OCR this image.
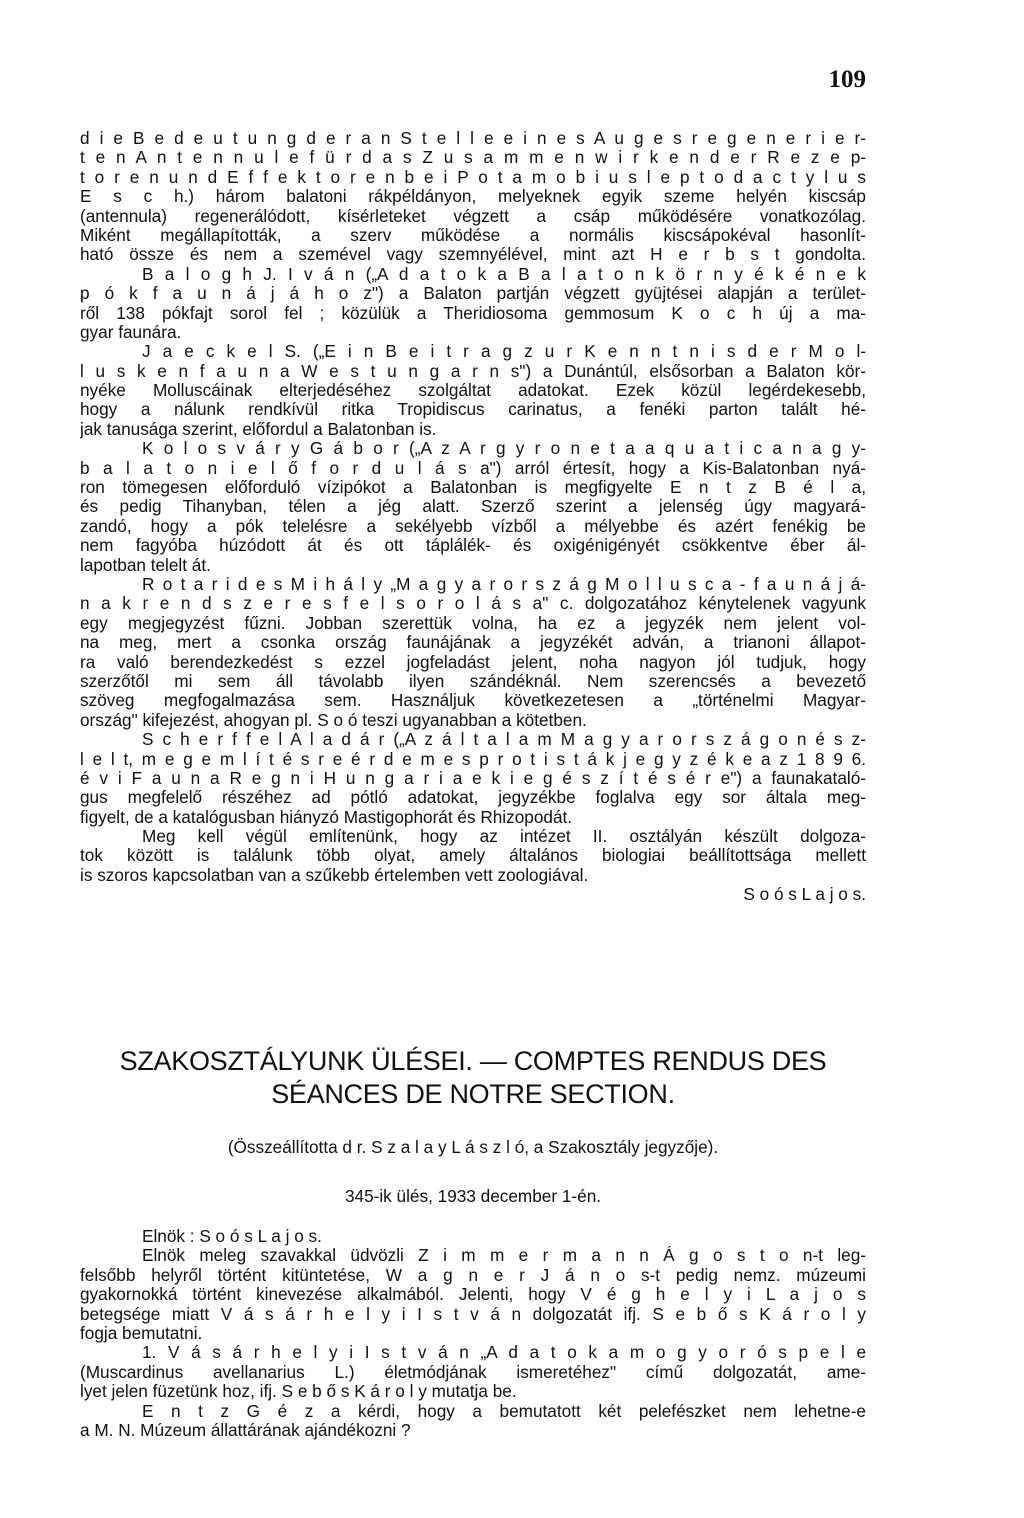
109
d i e B e d e u t u n g d e r a n S t e l l e e i n e s A u g e s r e g e n e r i e r-
t e n A n t e n n u l e f ü r d a s Z u s a m m e n w i r k e n d e r R e z e p-
t o r e n u n d E f f e k t o r e n b e i P o t a m o b i u s l e p t o d a c t y l u s
E s c h.) három balatoni rákpéldányon, melyeknek egyik szeme helyén kiscsáp
(antennula) regenerálódott, kísérleteket végzett a csáp működésére vonatkozólag.
Miként megállapították, a szerv működése a normális kiscsápokéval hasonlít-
ható össze és nem a szemével vagy szemnyélével, mint azt H e r b s t gondolta.
B a l o g h J. I v á n („A d a t o k a B a l a t o n k ö r n y é k é n e k
p ó k f a u n á j á h o z") a Balaton partján végzett gyüjtései alapján a terület-
ről 138 pókfajt sorol fel ; közülük a Theridiosoma gemmosum K o c h új a ma-
gyar faunára.
J a e c k e l S. („E i n B e i t r a g z u r K e n n t n i s d e r M o l-
l u s k e n f a u n a W e s t u n g a r n s") a Dunántúl, elsősorban a Balaton kör-
nyéke Molluscáinak elterjedéséhez szolgáltat adatokat. Ezek közül legérdekesebb,
hogy a nálunk rendkívül ritka Tropidiscus carinatus, a fenéki parton talált hé-
jak tanusága szerint, előfordul a Balatonban is.
K o l o s v á r y G á b o r („A z A r g y r o n e t a a q u a t i c a n a g y-
b a l a t o n i e l ő f o r d u l á s a") arról értesít, hogy a Kis-Balatonban nyá-
ron tömegesen előforduló vízipókot a Balatonban is megfigyelte E n t z B é l a,
és pedig Tihanyban, télen a jég alatt. Szerző szerint a jelenség úgy magyará-
zandó, hogy a pók telelésre a sekélyebb vízből a mélyebbe és azért fenékig be
nem fagyóba húzódott át és ott táplálék- és oxigénigényét csökkentve éber ál-
lapotban telelt át.
R o t a r i d e s M i h á l y „M a g y a r o r s z á g M o l l u s c a - f a u n á j á-
n a k r e n d s z e r e s f e l s o r o l á s a" c. dolgozatához kénytelenek vagyunk
egy megjegyzést fűzni. Jobban szerettük volna, ha ez a jegyzék nem jelent vol-
na meg, mert a csonka ország faunájának a jegyzékét adván, a trianoni állapot-
ra való berendezkedést s ezzel jogfeladást jelent, noha nagyon jól tudjuk, hogy
szerzőtől mi sem áll távolabb ilyen szándéknál. Nem szerencsés a bevezető
szöveg megfogalmazása sem. Használjuk következetesen a „történelmi Magyar-
ország" kifejezést, ahogyan pl. S o ó teszi ugyanabban a kötetben.
S c h e r f f e l A l a d á r („A z á l t a l a m M a g y a r o r s z á g o n é s z-
l e l t, m e g e m l í t é s r e é r d e m e s p r o t i s t á k j e g y z é k e a z 1 8 9 6.
é v i F a u n a R e g n i H u n g a r i a e k i e g é s z í t é s é r e") a faunakataló-
gus megfelelő részéhez ad pótló adatokat, jegyzékbe foglalva egy sor általa meg-
figyelt, de a katalógusban hiányzó Mastigophorát és Rhizopodát.
Meg kell végül említenünk, hogy az intézet II. osztályán készült dolgoza-
tok között is találunk több olyat, amely általános biologiai beállítottsága mellett
is szoros kapcsolatban van a szűkebb értelemben vett zoologiával.
S o ó s L a j o s.
SZAKOSZTÁLYUNK ÜLÉSEI. — COMPTES RENDUS DES
SÉANCES DE NOTRE SECTION.
(Összeállította d r. S z a l a y L á s z l ó, a Szakosztály jegyzője).
345-ik ülés, 1933 december 1-én.
Elnök : S o ó s L a j o s.
Elnök meleg szavakkal üdvözli Z i m m e r m a n n Á g o s t o n-t leg-
felsőbb helyről történt kitüntetése, W a g n e r J á n o s-t pedig nemz. múzeumi
gyakornokká történt kinevezése alkalmából. Jelenti, hogy V é g h e l y i L a j o s
betegsége miatt V á s á r h e l y i I s t v á n dolgozatát ifj. S e b ő s K á r o l y
fogja bemutatni.
1. V á s á r h e l y i I s t v á n „A d a t o k a m o g y o r ó s p e l e
(Muscardinus avellanarius L.) életmódjának ismeretéhez" című dolgozatát, ame-
lyet jelen füzetünk hoz, ifj. S e b ő s K á r o l y mutatja be.
E n t z G é z a kérdi, hogy a bemutatott két pelefészket nem lehetne-e
a M. N. Múzeum állattárának ajándékozni ?
